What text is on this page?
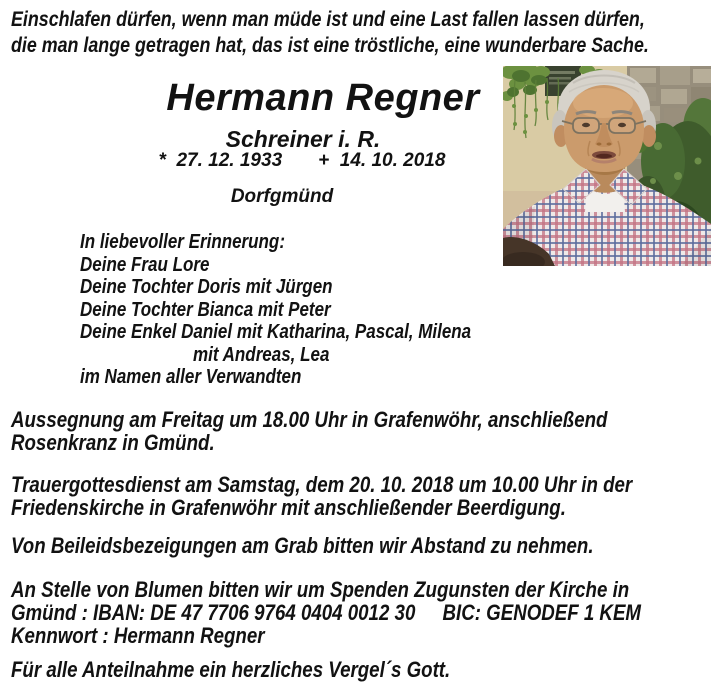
Einschlafen dürfen, wenn man müde ist und eine Last fallen lassen dürfen,
die man lange getragen hat, das ist eine tröstliche, eine wunderbare Sache.
Hermann Regner
Schreiner i. R.
*  27. 12. 1933 +  14. 10. 2018
Dorfgmünd
In liebevoller Erinnerung:
Deine Frau Lore
Deine Tochter Doris mit Jürgen
Deine Tochter Bianca mit Peter
Deine Enkel Daniel mit Katharina, Pascal, Milena
mit Andreas, Lea
im Namen aller Verwandten
Aussegnung am Freitag um 18.00 Uhr in Grafenwöhr, anschließend
Rosenkranz in Gmünd.
Trauergottesdienst am Samstag, dem 20. 10. 2018 um 10.00 Uhr in der
Friedenskirche in Grafenwöhr mit anschließender Beerdigung.
Von Beileidsbezeigungen am Grab bitten wir Abstand zu nehmen.
An Stelle von Blumen bitten wir um Spenden Zugunsten der Kirche in
Gmünd : IBAN: DE 47 7706 9764 0404 0012 30 BIC: GENODEF 1 KEM
Kennwort : Hermann Regner
Für alle Anteilnahme ein herzliches Vergel´s Gott.
